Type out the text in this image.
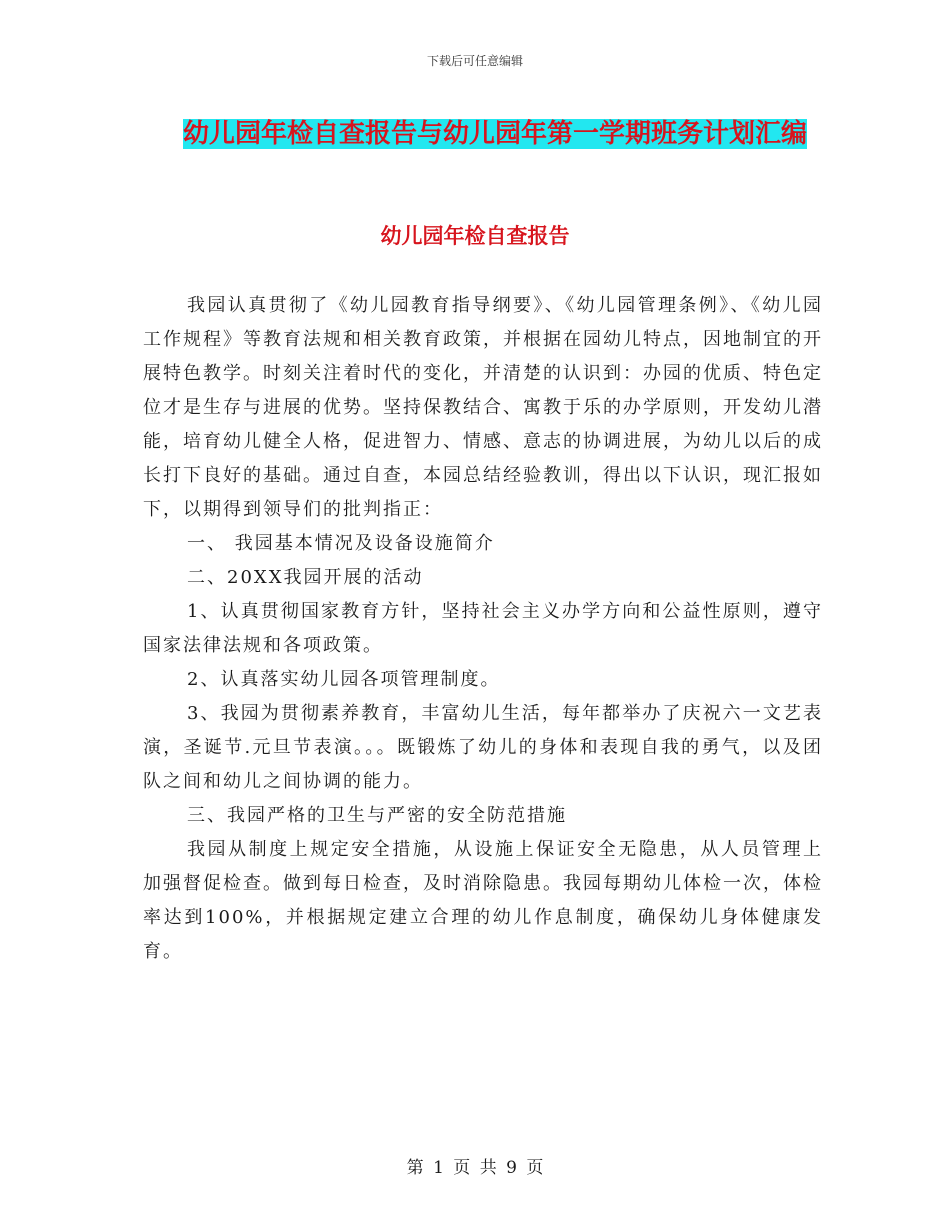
下载后可任意编辑
幼儿园年检自查报告与幼儿园年第一学期班务计划汇编
幼儿园年检自查报告

我园认真贯彻了《幼儿园教育指导纲要》、《幼儿园管理条例》、《幼儿园工作规程》等教育法规和相关教育政策，并根据在园幼儿特点，因地制宜的开展特色教学。时刻关注着时代的变化，并清楚的认识到：办园的优质、特色定位才是生存与进展的优势。坚持保教结合、寓教于乐的办学原则，开发幼儿潜能，培育幼儿健全人格，促进智力、情感、意志的协调进展，为幼儿以后的成长打下良好的基础。通过自查，本园总结经验教训，得出以下认识，现汇报如下，以期得到领导们的批判指正：

一、 我园基本情况及设备设施简介

二、20XX我园开展的活动

1、认真贯彻国家教育方针，坚持社会主义办学方向和公益性原则，遵守国家法律法规和各项政策。

2、认真落实幼儿园各项管理制度。

3、我园为贯彻素养教育，丰富幼儿生活，每年都举办了庆祝六一文艺表演，圣诞节.元旦节表演。。。既锻炼了幼儿的身体和表现自我的勇气，以及团队之间和幼儿之间协调的能力。

三、我园严格的卫生与严密的安全防范措施

我园从制度上规定安全措施，从设施上保证安全无隐患，从人员管理上加强督促检查。做到每日检查，及时消除隐患。我园每期幼儿体检一次，体检率达到100%，并根据规定建立合理的幼儿作息制度，确保幼儿身体健康发育。

第 1 页 共 9 页
